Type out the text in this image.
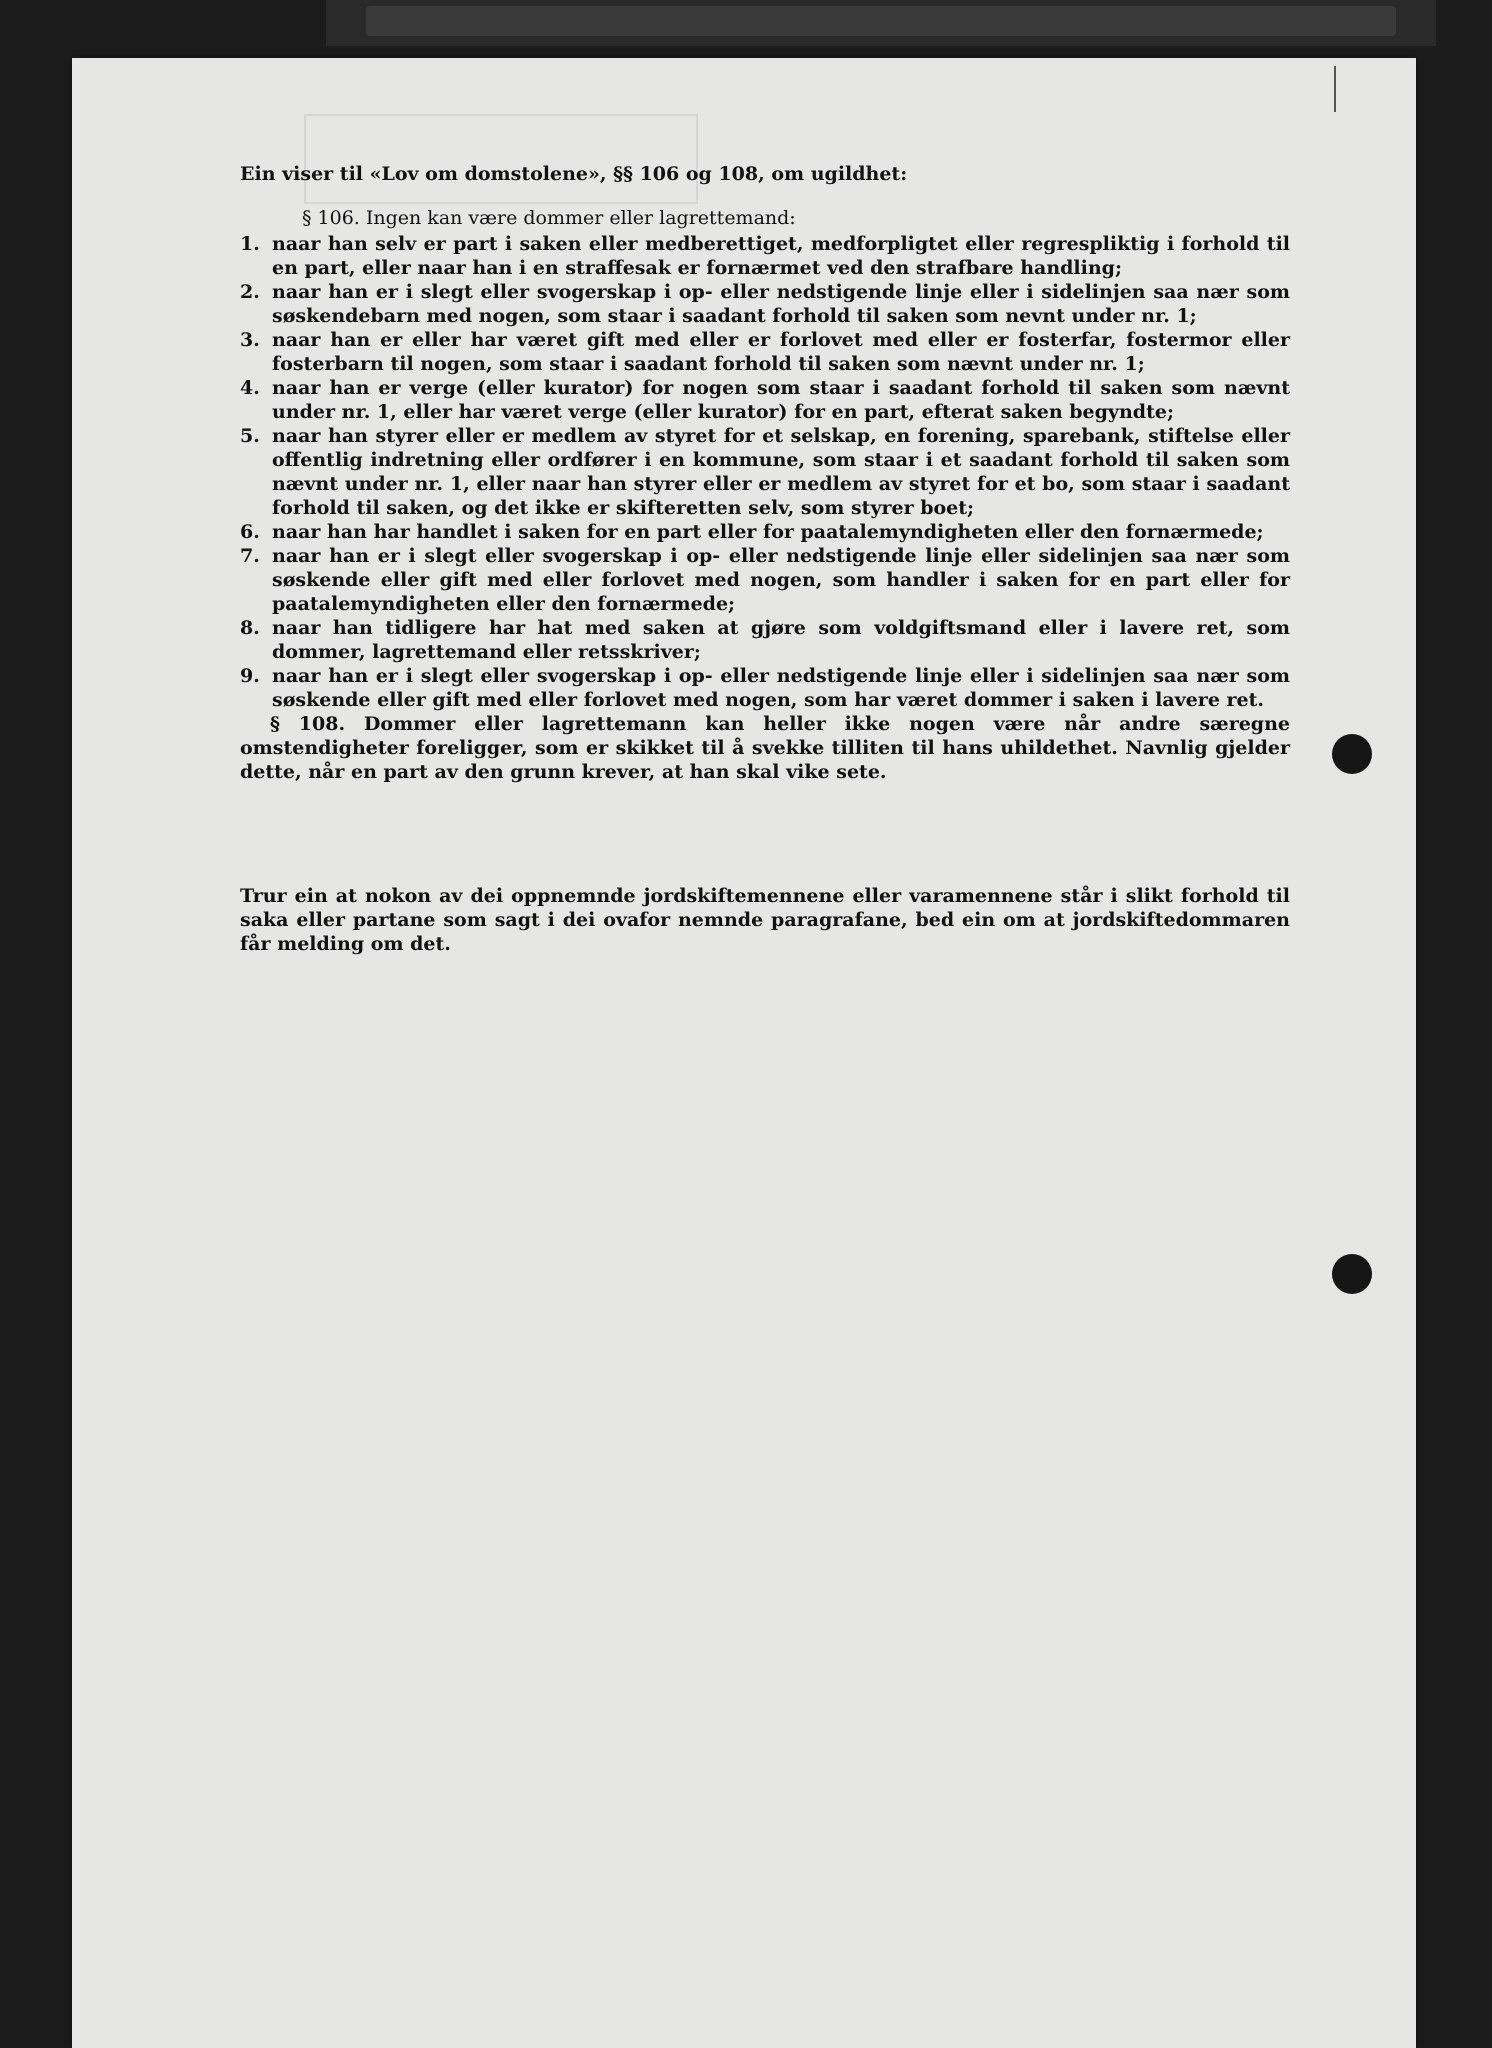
Ein viser til «Lov om domstolene», §§ 106 og 108, om ugildhet:

§ 106. Ingen kan være dommer eller lagrettemand:

1. naar han selv er part i saken eller medberettiget, medforpligtet eller regrespliktig i forhold til en part, eller naar han i en straffesak er fornærmet ved den strafbare handling;
2. naar han er i slegt eller svogerskap i op- eller nedstigende linje eller i sidelinjen saa nær som søskendebarn med nogen, som staar i saadant forhold til saken som nevnt under nr. 1;
3. naar han er eller har været gift med eller er forlovet med eller er fosterfar, fostermor eller fosterbarn til nogen, som staar i saadant forhold til saken som nævnt under nr. 1;
4. naar han er verge (eller kurator) for nogen som staar i saadant forhold til saken som nævnt under nr. 1, eller har været verge (eller kurator) for en part, efterat saken begyndte;
5. naar han styrer eller er medlem av styret for et selskap, en forening, sparebank, stiftelse eller offentlig indretning eller ordfører i en kommune, som staar i et saadant forhold til saken som nævnt under nr. 1, eller naar han styrer eller er medlem av styret for et bo, som staar i saadant forhold til saken, og det ikke er skifteretten selv, som styrer boet;
6. naar han har handlet i saken for en part eller for paatalemyndigheten eller den fornærmede;
7. naar han er i slegt eller svogerskap i op- eller nedstigende linje eller sidelinjen saa nær som søskende eller gift med eller forlovet med nogen, som handler i saken for en part eller for paatalemyndigheten eller den fornærmede;
8. naar han tidligere har hat med saken at gjøre som voldgiftsmand eller i lavere ret, som dommer, lagrettemand eller retsskriver;
9. naar han er i slegt eller svogerskap i op- eller nedstigende linje eller i sidelinjen saa nær som søskende eller gift med eller forlovet med nogen, som har været dommer i saken i lavere ret.

§ 108. Dommer eller lagrettemann kan heller ikke nogen være når andre særegne omstendigheter foreligger, som er skikket til å svekke tilliten til hans uhildethet. Navnlig gjelder dette, når en part av den grunn krever, at han skal vike sete.

Trur ein at nokon av dei oppnemnde jordskiftemennene eller varamennene står i slikt forhold til saka eller partane som sagt i dei ovafor nemnde paragrafane, bed ein om at jordskiftedommaren får melding om det.
